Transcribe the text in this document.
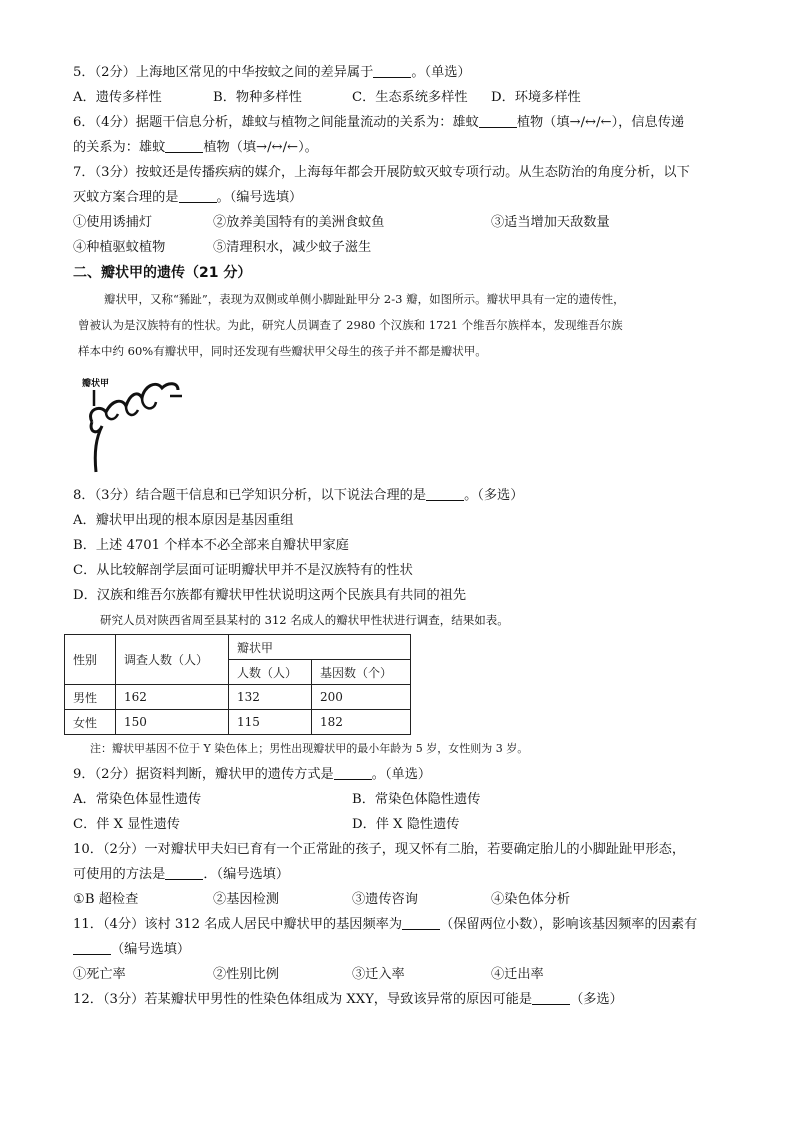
5．（2分）上海地区常见的中华按蚊之间的差异属于	。（单选）
A．遗传多样性	B．物种多样性	C．生态系统多样性 D．环境多样性
6．（4分）据题干信息分析，雄蚊与植物之间能量流动的关系为：雄蚊	植物（填→/↔/←），信息传递
的关系为：雄蚊	植物（填→/↔/←）。
7．（3分）按蚊还是传播疾病的媒介，上海每年都会开展防蚊灭蚊专项行动。从生态防治的角度分析，以下
灭蚊方案合理的是	。（编号选填）
①使用诱捕灯	②放养美国特有的美洲食蚊鱼	③适当增加天敌数量
④种植驱蚊植物	⑤清理积水，减少蚊子滋生
二、瓣状甲的遗传（21 分）
瓣状甲，又称“豨趾”，表现为双侧或单侧小脚趾趾甲分 2-3 瓣，如图所示。瓣状甲具有一定的遗传性，
曾被认为是汉族特有的性状。为此，研究人员调查了 2980 个汉族和 1721 个维吾尔族样本，发现维吾尔族
样本中约 60%有瓣状甲，同时还发现有些瓣状甲父母生的孩子并不都是瓣状甲。
瓣状甲
8．（3分）结合题干信息和已学知识分析，以下说法合理的是	。（多选）
A．瓣状甲出现的根本原因是基因重组
B．上述 4701 个样本不必全部来自瓣状甲家庭
C．从比较解剖学层面可证明瓣状甲并不是汉族特有的性状
D．汉族和维吾尔族都有瓣状甲性状说明这两个民族具有共同的祖先
研究人员对陕西省周至县某村的 312 名成人的瓣状甲性状进行调查，结果如表。
性别	调查人数（人）	瓣状甲	
		人数（人）	基因数（个）
男性	162	132	200
女性	150	115	182
注：瓣状甲基因不位于 Y 染色体上；男性出现瓣状甲的最小年龄为 5 岁，女性则为 3 岁。
9．（2分）据资料判断，瓣状甲的遗传方式是	。（单选）
A．常染色体显性遗传	B．常染色体隐性遗传
C．伴 X 显性遗传	D．伴 X 隐性遗传
10．（2分）一对瓣状甲夫妇已育有一个正常趾的孩子，现又怀有二胎，若要确定胎儿的小脚趾趾甲形态，
可使用的方法是	．（编号选填）
①B 超检查	②基因检测	③遗传咨询	④染色体分析
11．（4分）该村 312 名成人居民中瓣状甲的基因频率为	（保留两位小数），影响该基因频率的因素有
（编号选填）
①死亡率	②性别比例	③迁入率	④迁出率
12．（3分）若某瓣状甲男性的性染色体组成为 XXY，导致该异常的原因可能是	（多选）
